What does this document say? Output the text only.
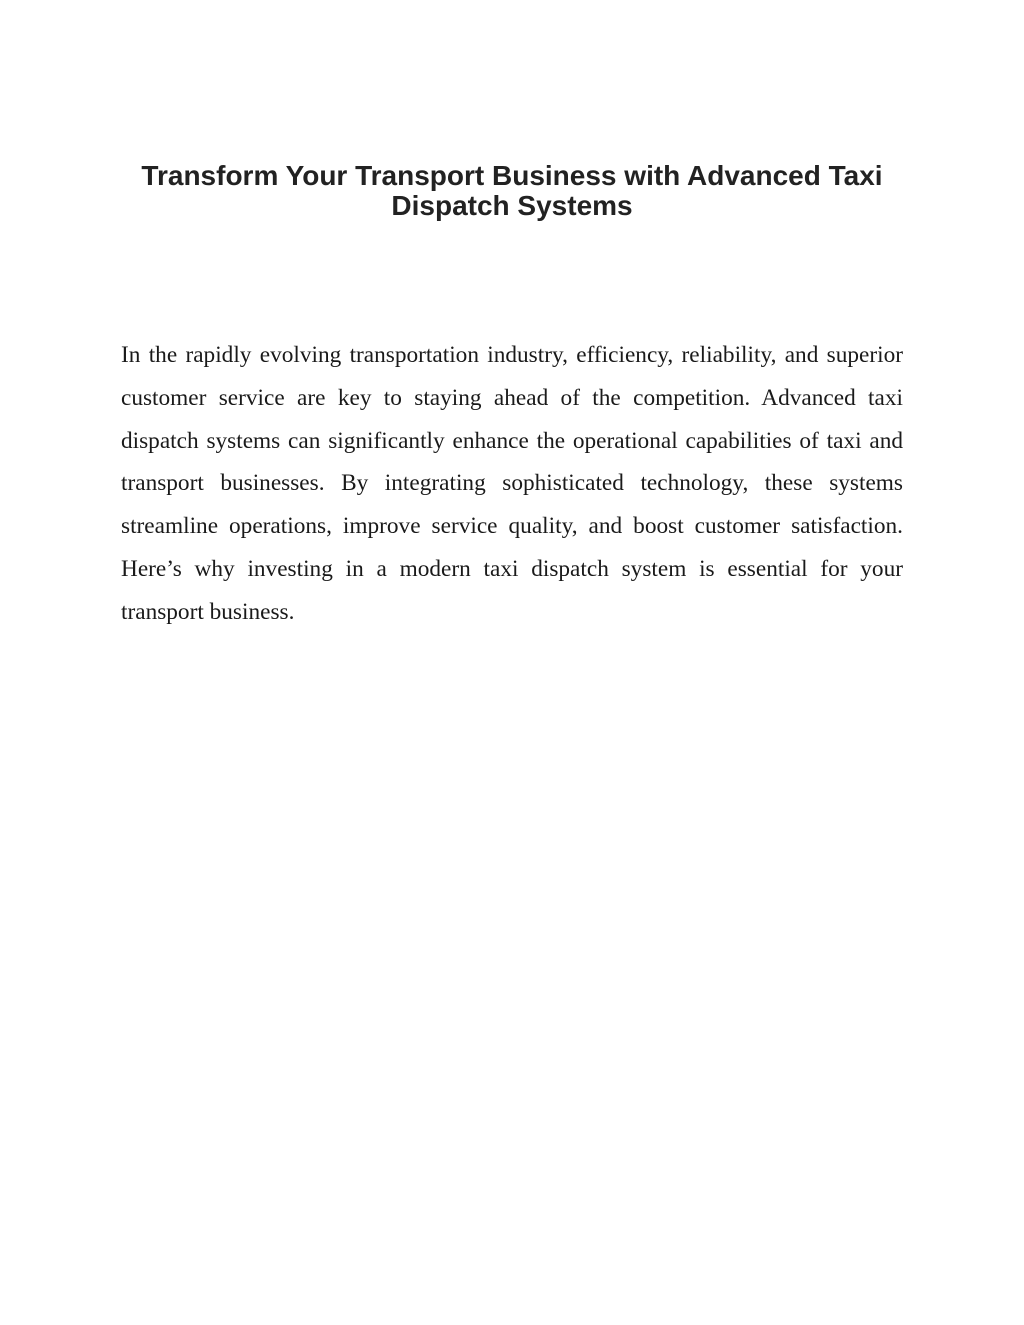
Transform Your Transport Business with Advanced Taxi Dispatch Systems

In the rapidly evolving transportation industry, efficiency, reliability, and superior customer service are key to staying ahead of the competition. Advanced taxi dispatch systems can significantly enhance the operational capabilities of taxi and transport businesses. By integrating sophisticated technology, these systems streamline operations, improve service quality, and boost customer satisfaction. Here’s why investing in a modern taxi dispatch system is essential for your transport business.
